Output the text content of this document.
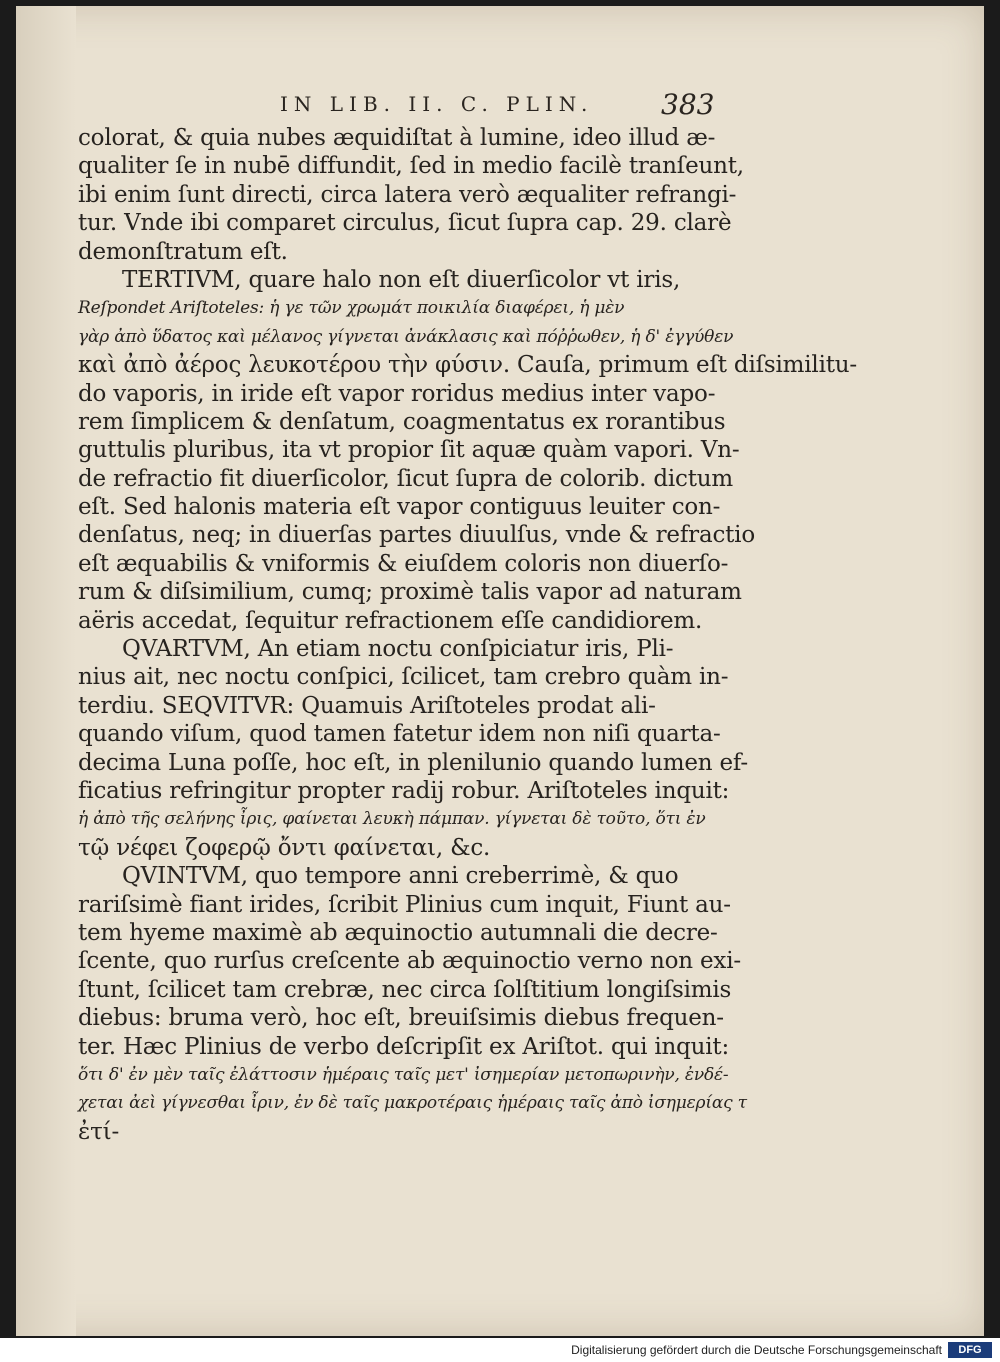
IN LIB. II. C. PLIN. 383
colorat, & quia nubes æquidiſtat à lumine, ideo illud æ-
qualiter ſe in nubē diffundit, ſed in medio facilè tranſeunt,
ibi enim ſunt directi, circa latera verò æqualiter refrangi-
tur. Vnde ibi comparet circulus, ſicut ſupra cap. 29. clarè
demonſtratum eſt.
TERTIVM, quare halo non eſt diuerſicolor vt iris,
Reſpondet Ariſtoteles: ἡ γε τῶν χρωμάτ ποικιλία διαφέρει, ἡ μὲν
γὰρ ἀπὸ ὕδατος καὶ μέλανος γίγνεται ἀνάκλασις καὶ πόῤῥωθεν, ἡ δ' ἐγγύθεν
καὶ ἀπὸ ἀέρος λευκοτέρου τὴν φύσιν. Cauſa, primum eſt diſsimilitu-
do vaporis, in iride eſt vapor roridus medius inter vapo-
rem ſimplicem & denſatum, coagmentatus ex rorantibus
guttulis pluribus, ita vt propior ſit aquæ quàm vapori. Vn-
de refractio fit diuerſicolor, ſicut ſupra de colorib. dictum
eſt. Sed halonis materia eſt vapor contiguus leuiter con-
denſatus, neq; in diuerſas partes diuulſus, vnde & refractio
eſt æquabilis & vniformis & eiuſdem coloris non diuerſo-
rum & diſsimilium, cumq; proximè talis vapor ad naturam
aëris accedat, ſequitur refractionem eſſe candidiorem.
QVARTVM, An etiam noctu conſpiciatur iris, Pli-
nius ait, nec noctu conſpici, ſcilicet, tam crebro quàm in-
terdiu. SEQVITVR: Quamuis Ariſtoteles prodat ali-
quando viſum, quod tamen fatetur idem non niſi quarta-
decima Luna poſſe, hoc eſt, in plenilunio quando lumen ef-
ficatius refringitur propter radij robur. Ariſtoteles inquit:
ἡ ἀπὸ τῆς σελήνης ἶρις, φαίνεται λευκὴ πάμπαν. γίγνεται δὲ τοῦτο, ὅτι ἐν
τῷ νέφει ζοφερῷ ὄντι φαίνεται, &c.
QVINTVM, quo tempore anni creberrimè, & quo
rariſsimè fiant irides, ſcribit Plinius cum inquit, Fiunt au-
tem hyeme maximè ab æquinoctio autumnali die decre-
ſcente, quo rurſus creſcente ab æquinoctio verno non exi-
ſtunt, ſcilicet tam crebræ, nec circa ſolſtitium longiſsimis
diebus: bruma verò, hoc eſt, breuiſsimis diebus frequen-
ter. Hæc Plinius de verbo deſcripſit ex Ariſtot. qui inquit:
ὅτι δ' ἐν μὲν ταῖς ἐλάττοσιν ἡμέραις ταῖς μετ' ἰσημερίαν μετοπωρινὴν, ἐνδέ-
χεται ἀεὶ γίγνεσθαι ἶριν, ἐν δὲ ταῖς μακροτέραις ἡμέραις ταῖς ἀπὸ ἰσημερίας τ
ἐτί-
Digitalisierung gefördert durch die Deutsche Forschungsgemeinschaft	DFG
